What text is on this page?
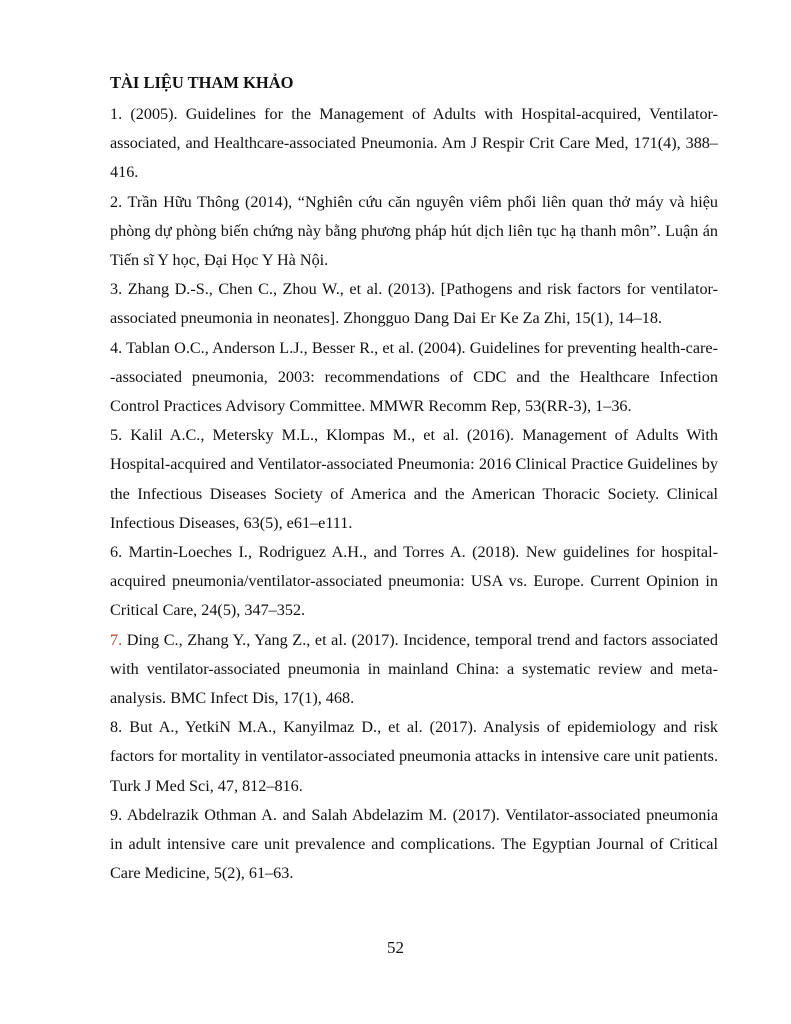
TÀI LIỆU THAM KHẢO

1. (2005). Guidelines for the Management of Adults with Hospital-acquired, Ventilator-associated, and Healthcare-associated Pneumonia. Am J Respir Crit Care Med, 171(4), 388–416.

2. Trần Hữu Thông (2014), “Nghiên cứu căn nguyên viêm phổi liên quan thở máy và hiệu phòng dự phòng biến chứng này bằng phương pháp hút dịch liên tục hạ thanh môn”. Luận án Tiến sĩ Y học, Đại Học Y Hà Nội.

3. Zhang D.-S., Chen C., Zhou W., et al. (2013). [Pathogens and risk factors for ventilator-associated pneumonia in neonates]. Zhongguo Dang Dai Er Ke Za Zhi, 15(1), 14–18.

4. Tablan O.C., Anderson L.J., Besser R., et al. (2004). Guidelines for preventing health-care--associated pneumonia, 2003: recommendations of CDC and the Healthcare Infection Control Practices Advisory Committee. MMWR Recomm Rep, 53(RR-3), 1–36.

5. Kalil A.C., Metersky M.L., Klompas M., et al. (2016). Management of Adults With Hospital-acquired and Ventilator-associated Pneumonia: 2016 Clinical Practice Guidelines by the Infectious Diseases Society of America and the American Thoracic Society. Clinical Infectious Diseases, 63(5), e61–e111.

6. Martin-Loeches I., Rodriguez A.H., and Torres A. (2018). New guidelines for hospital-acquired pneumonia/ventilator-associated pneumonia: USA vs. Europe. Current Opinion in Critical Care, 24(5), 347–352.

7. Ding C., Zhang Y., Yang Z., et al. (2017). Incidence, temporal trend and factors associated with ventilator-associated pneumonia in mainland China: a systematic review and meta-analysis. BMC Infect Dis, 17(1), 468.

8. But A., YetkiN M.A., Kanyilmaz D., et al. (2017). Analysis of epidemiology and risk factors for mortality in ventilator-associated pneumonia attacks in intensive care unit patients. Turk J Med Sci, 47, 812–816.

9. Abdelrazik Othman A. and Salah Abdelazim M. (2017). Ventilator-associated pneumonia in adult intensive care unit prevalence and complications. The Egyptian Journal of Critical Care Medicine, 5(2), 61–63.

52
